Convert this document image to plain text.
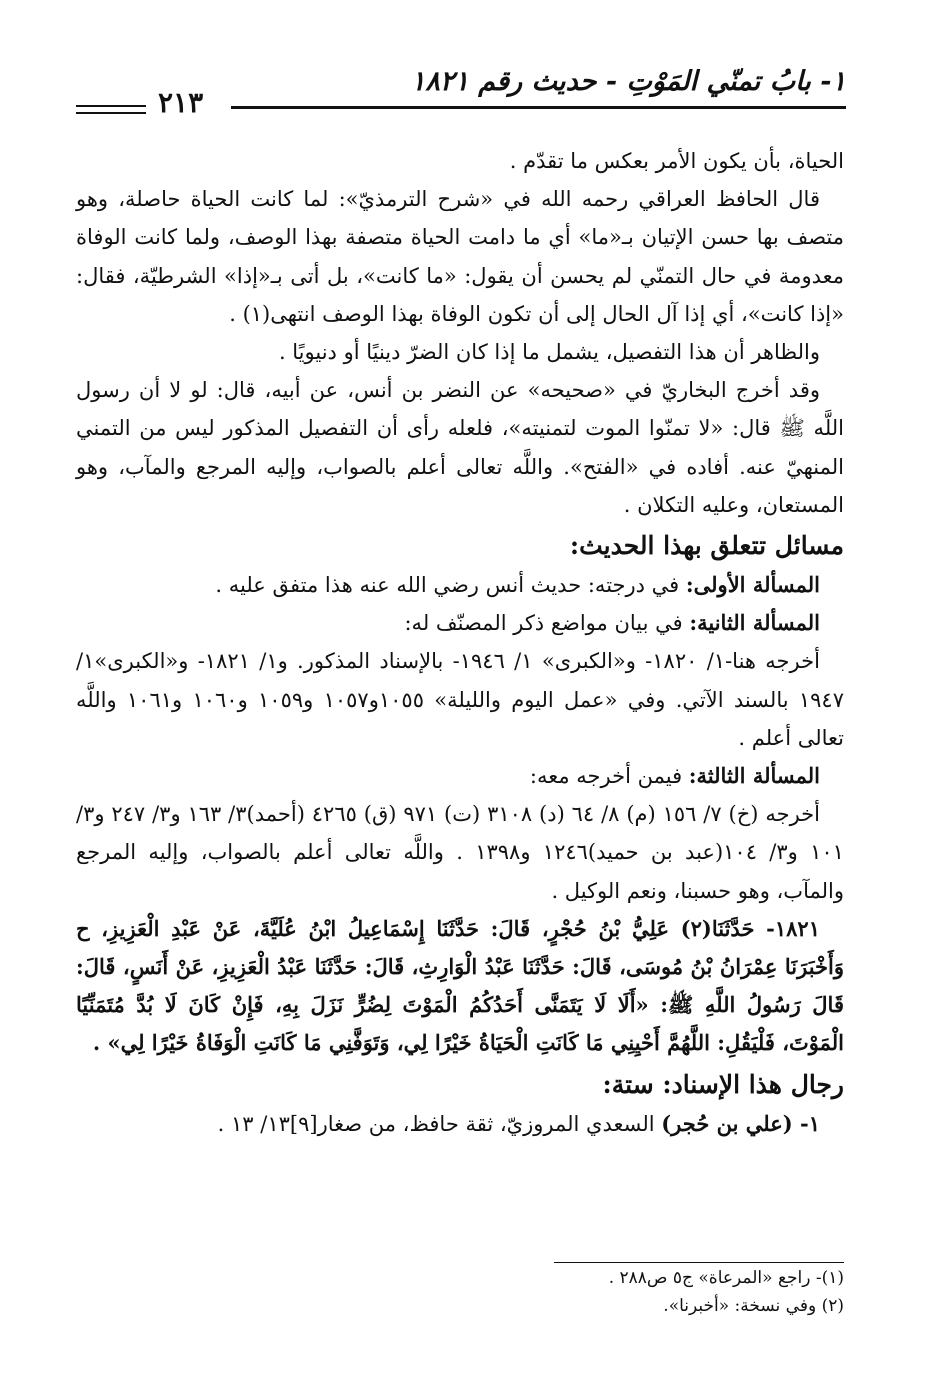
١- بابُ تمنّي المَوْتِ - حديث رقم ١٨٢١
٢١٣

الحياة، بأن يكون الأمر بعكس ما تقدّم .

قال الحافظ العراقي رحمه الله في «شرح الترمذيّ»: لما كانت الحياة حاصلة، وهو متصف بها حسن الإتيان بـ«ما» أي ما دامت الحياة متصفة بهذا الوصف، ولما كانت الوفاة معدومة في حال التمنّي لم يحسن أن يقول: «ما كانت»، بل أتى بـ«إذا» الشرطيّة، فقال: «إذا كانت»، أي إذا آل الحال إلى أن تكون الوفاة بهذا الوصف انتهى(١) .

والظاهر أن هذا التفصيل، يشمل ما إذا كان الضرّ دينيًا أو دنيويًا .

وقد أخرج البخاريّ في «صحيحه» عن النضر بن أنس، عن أبيه، قال: لو لا أن رسول اللَّه ﷺ قال: «لا تمنّوا الموت لتمنيته»، فلعله رأى أن التفصيل المذكور ليس من التمني المنهيّ عنه. أفاده في «الفتح». واللَّه تعالى أعلم بالصواب، وإليه المرجع والمآب، وهو المستعان، وعليه التكلان .

مسائل تتعلق بهذا الحديث:

المسألة الأولى: في درجته: حديث أنس رضي الله عنه هذا متفق عليه .

المسألة الثانية: في بيان مواضع ذكر المصنّف له:

أخرجه هنا-١/ ١٨٢٠- و«الكبرى» ١/ ١٩٤٦- بالإسناد المذكور. و١/ ١٨٢١- و«الكبرى»١/ ١٩٤٧ بالسند الآتي. وفي «عمل اليوم والليلة» ١٠٥٥و١٠٥٧ و١٠٥٩ و١٠٦٠ و١٠٦١ واللَّه تعالى أعلم .

المسألة الثالثة: فيمن أخرجه معه:

أخرجه (خ) ٧/ ١٥٦ (م) ٨/ ٦٤ (د) ٣١٠٨ (ت) ٩٧١ (ق) ٤٢٦٥ (أحمد)٣/ ١٦٣ و٣/ ٢٤٧ و٣/ ١٠١ و٣/ ١٠٤(عبد بن حميد)١٢٤٦ و١٣٩٨ . واللَّه تعالى أعلم بالصواب، وإليه المرجع والمآب، وهو حسبنا، ونعم الوكيل .

١٨٢١- حَدَّثَنَا(٢) عَلِيُّ بْنُ حُجْرٍ، قَالَ: حَدَّثَنَا إِسْمَاعِيلُ ابْنُ عُلَيَّةَ، عَنْ عَبْدِ الْعَزِيزِ، ح وَأَخْبَرَنَا عِمْرَانُ بْنُ مُوسَى، قَالَ: حَدَّثَنَا عَبْدُ الْوَارِثِ، قَالَ: حَدَّثَنَا عَبْدُ الْعَزِيزِ، عَنْ أَنَسٍ، قَالَ: قَالَ رَسُولُ اللَّهِ ﷺ: «أَلَا لَا يَتَمَنَّى أَحَدُكُمُ الْمَوْتَ لِضُرٍّ نَزَلَ بِهِ، فَإِنْ كَانَ لَا بُدَّ مُتَمَنِّيًا الْمَوْتَ، فَلْيَقُلِ: اللَّهُمَّ أَحْيِنِي مَا كَانَتِ الْحَيَاةُ خَيْرًا لِي، وَتَوَفَّنِي مَا كَانَتِ الْوَفَاةُ خَيْرًا لِي» .

رجال هذا الإسناد: ستة:

١- (علي بن حُجر) السعدي المروزيّ، ثقة حافظ، من صغار[٩]١٣/ ١٣ .

(١)- راجع «المرعاة» ج٥ ص٢٨٨ .

(٢) وفي نسخة: «أخبرنا».
